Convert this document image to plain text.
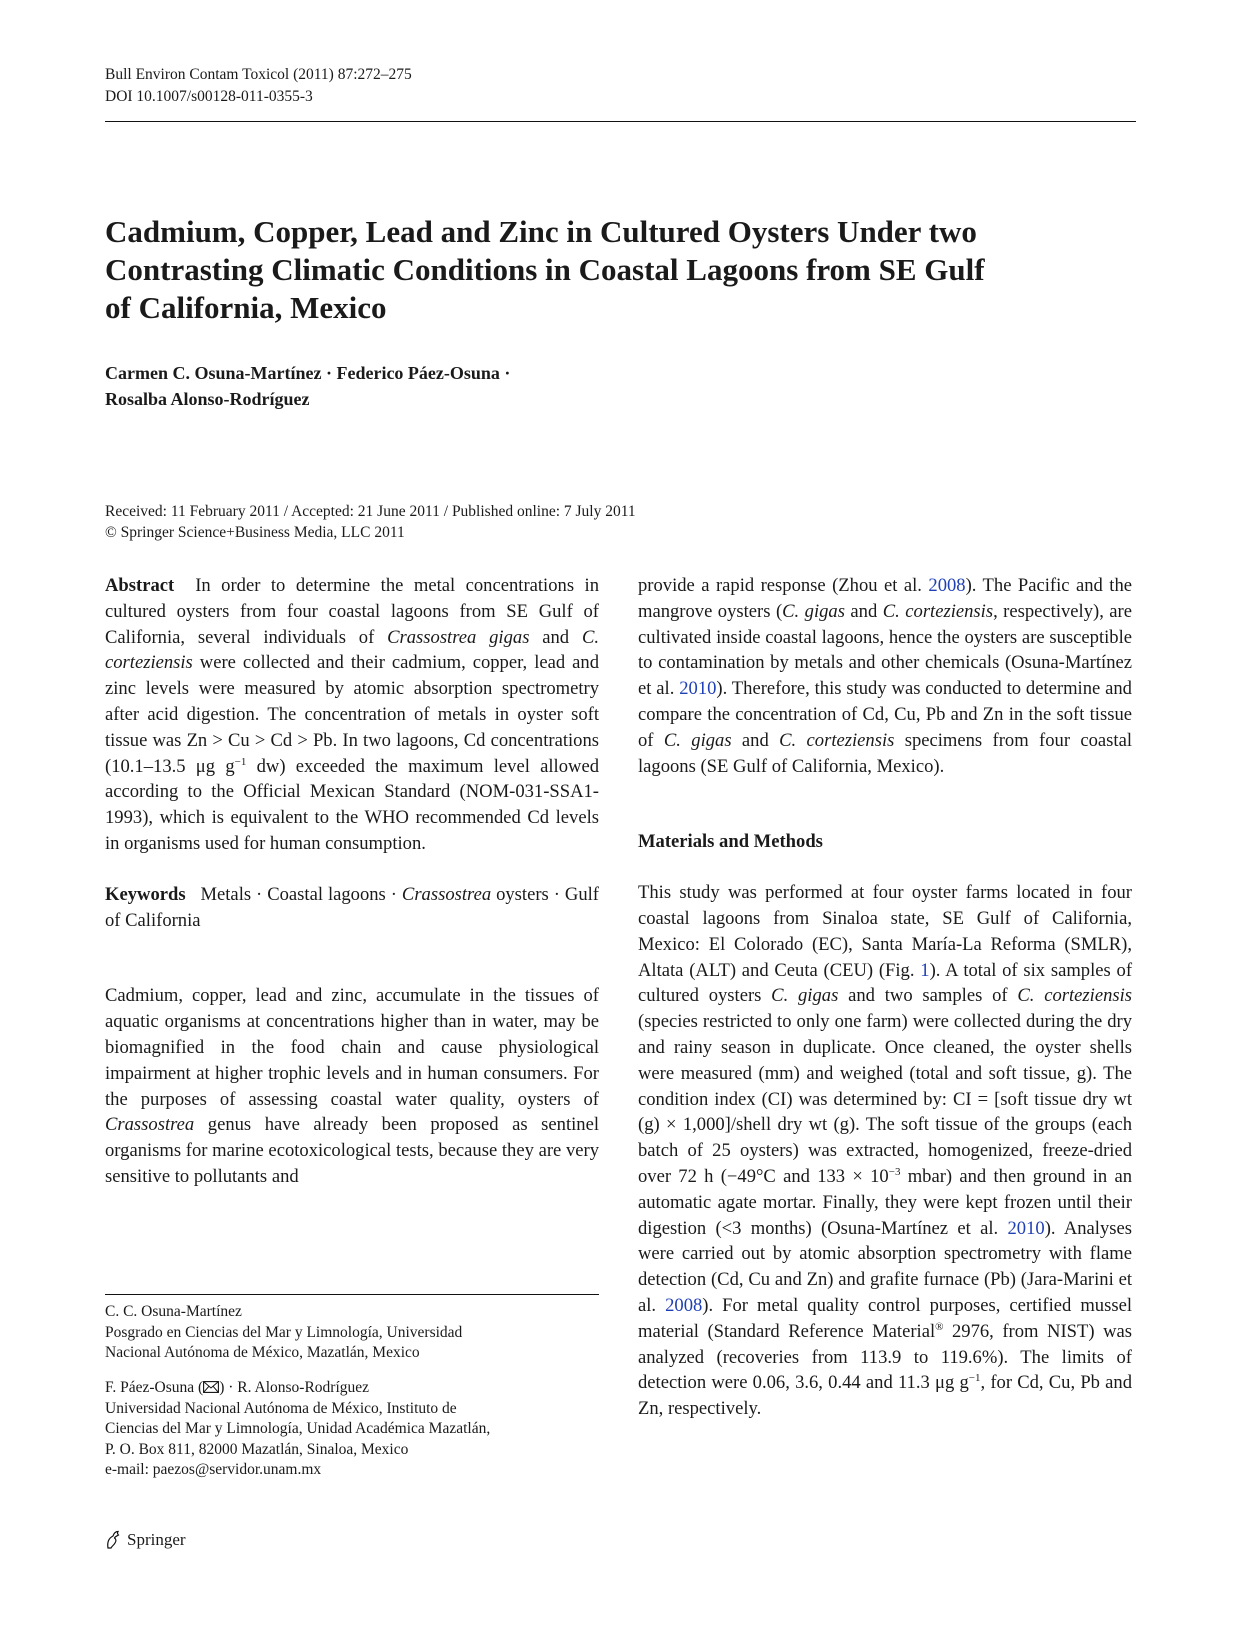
Bull Environ Contam Toxicol (2011) 87:272–275
DOI 10.1007/s00128-011-0355-3
Cadmium, Copper, Lead and Zinc in Cultured Oysters Under two
Contrasting Climatic Conditions in Coastal Lagoons from SE Gulf
of California, Mexico
Carmen C. Osuna-Martínez · Federico Páez-Osuna ·
Rosalba Alonso-Rodríguez
Received: 11 February 2011 / Accepted: 21 June 2011 / Published online: 7 July 2011
© Springer Science+Business Media, LLC 2011

Abstract In order to determine the metal concentrations in cultured oysters from four coastal lagoons from SE Gulf of California, several individuals of Crassostrea gigas and C. corteziensis were collected and their cadmium, copper, lead and zinc levels were measured by atomic absorption spectrometry after acid digestion. The concentration of metals in oyster soft tissue was Zn > Cu > Cd > Pb. In two lagoons, Cd concentrations (10.1–13.5 μg $g^{-1}$ dw) exceeded the maximum level allowed according to the Official Mexican Standard (NOM-031-SSA1-1993), which is equivalent to the WHO recommended Cd levels in organisms used for human consumption.

Keywords Metals · Coastal lagoons · Crassostrea oysters · Gulf of California

Cadmium, copper, lead and zinc, accumulate in the tissues of aquatic organisms at concentrations higher than in water, may be biomagnified in the food chain and cause physiological impairment at higher trophic levels and in human consumers. For the purposes of assessing coastal water quality, oysters of Crassostrea genus have already been proposed as sentinel organisms for marine ecotoxicological tests, because they are very sensitive to pollutants and

C. C. Osuna-Martínez
Posgrado en Ciencias del Mar y Limnología, Universidad
Nacional Autónoma de México, Mazatlán, Mexico
F. Páez-Osuna ( ) · R. Alonso-Rodríguez
Universidad Nacional Autónoma de México, Instituto de
Ciencias del Mar y Limnología, Unidad Académica Mazatlán,
P. O. Box 811, 82000 Mazatlán, Sinaloa, Mexico
e-mail: paezos@servidor.unam.mx

provide a rapid response (Zhou et al. 2008). The Pacific and the mangrove oysters (C. gigas and C. corteziensis, respectively), are cultivated inside coastal lagoons, hence the oysters are susceptible to contamination by metals and other chemicals (Osuna-Martínez et al. 2010). Therefore, this study was conducted to determine and compare the concentration of Cd, Cu, Pb and Zn in the soft tissue of C. gigas and C. corteziensis specimens from four coastal lagoons (SE Gulf of California, Mexico).

Materials and Methods

This study was performed at four oyster farms located in four coastal lagoons from Sinaloa state, SE Gulf of California, Mexico: El Colorado (EC), Santa María-La Reforma (SMLR), Altata (ALT) and Ceuta (CEU) (Fig. 1). A total of six samples of cultured oysters C. gigas and two samples of C. corteziensis (species restricted to only one farm) were collected during the dry and rainy season in duplicate. Once cleaned, the oyster shells were measured (mm) and weighed (total and soft tissue, g). The condition index (CI) was determined by: CI = [soft tissue dry wt (g) × 1,000]/shell dry wt (g). The soft tissue of the groups (each batch of 25 oysters) was extracted, homogenized, freeze-dried over 72 h (−49°C and $133 \times 10^{-3}$ mbar) and then ground in an automatic agate mortar. Finally, they were kept frozen until their digestion (<3 months) (Osuna-Martínez et al. 2010). Analyses were carried out by atomic absorption spectrometry with flame detection (Cd, Cu and Zn) and grafite furnace (Pb) (Jara-Marini et al. 2008). For metal quality control purposes, certified mussel material (Standard Reference Material® 2976, from NIST) was analyzed (recoveries from 113.9 to 119.6%). The limits of detection were 0.06, 3.6, 0.44 and 11.3 μg $g^{-1}$, for Cd, Cu, Pb and Zn, respectively.

Springer
